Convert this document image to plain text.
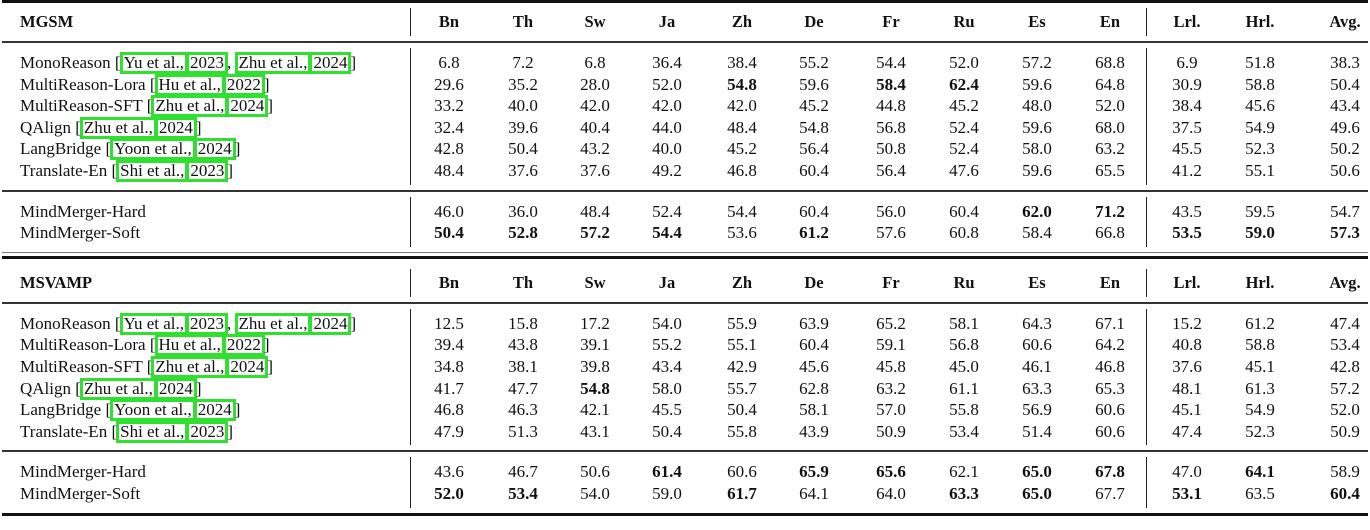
MGSM	Bn	Th	Sw	Ja	Zh	De	Fr	Ru	Es	En	Lrl.	Hrl.	Avg.
MonoReason [ Yu et al., 2023 , Zhu et al., 2024 ]	6.8	7.2	6.8	36.4	38.4	55.2	54.4	52.0	57.2	68.8	6.9	51.8	38.3
MultiReason-Lora [ Hu et al., 2022 ]	29.6	35.2	28.0	52.0	54.8	59.6	58.4	62.4	59.6	64.8	30.9	58.8	50.4
MultiReason-SFT [ Zhu et al., 2024 ]	33.2	40.0	42.0	42.0	42.0	45.2	44.8	45.2	48.0	52.0	38.4	45.6	43.4
QAlign [ Zhu et al., 2024 ]	32.4	39.6	40.4	44.0	48.4	54.8	56.8	52.4	59.6	68.0	37.5	54.9	49.6
LangBridge [ Yoon et al., 2024 ]	42.8	50.4	43.2	40.0	45.2	56.4	50.8	52.4	58.0	63.2	45.5	52.3	50.2
Translate-En [ Shi et al., 2023 ]	48.4	37.6	37.6	49.2	46.8	60.4	56.4	47.6	59.6	65.5	41.2	55.1	50.6
MindMerger-Hard	46.0	36.0	48.4	52.4	54.4	60.4	56.0	60.4	62.0	71.2	43.5	59.5	54.7
MindMerger-Soft	50.4	52.8	57.2	54.4	53.6	61.2	57.6	60.8	58.4	66.8	53.5	59.0	57.3
MSVAMP	Bn	Th	Sw	Ja	Zh	De	Fr	Ru	Es	En	Lrl.	Hrl.	Avg.
MonoReason [ Yu et al., 2023 , Zhu et al., 2024 ]	12.5	15.8	17.2	54.0	55.9	63.9	65.2	58.1	64.3	67.1	15.2	61.2	47.4
MultiReason-Lora [ Hu et al., 2022 ]	39.4	43.8	39.1	55.2	55.1	60.4	59.1	56.8	60.6	64.2	40.8	58.8	53.4
MultiReason-SFT [ Zhu et al., 2024 ]	34.8	38.1	39.8	43.4	42.9	45.6	45.8	45.0	46.1	46.8	37.6	45.1	42.8
QAlign [ Zhu et al., 2024 ]	41.7	47.7	54.8	58.0	55.7	62.8	63.2	61.1	63.3	65.3	48.1	61.3	57.2
LangBridge [ Yoon et al., 2024 ]	46.8	46.3	42.1	45.5	50.4	58.1	57.0	55.8	56.9	60.6	45.1	54.9	52.0
Translate-En [ Shi et al., 2023 ]	47.9	51.3	43.1	50.4	55.8	43.9	50.9	53.4	51.4	60.6	47.4	52.3	50.9
MindMerger-Hard	43.6	46.7	50.6	61.4	60.6	65.9	65.6	62.1	65.0	67.8	47.0	64.1	58.9
MindMerger-Soft	52.0	53.4	54.0	59.0	61.7	64.1	64.0	63.3	65.0	67.7	53.1	63.5	60.4
